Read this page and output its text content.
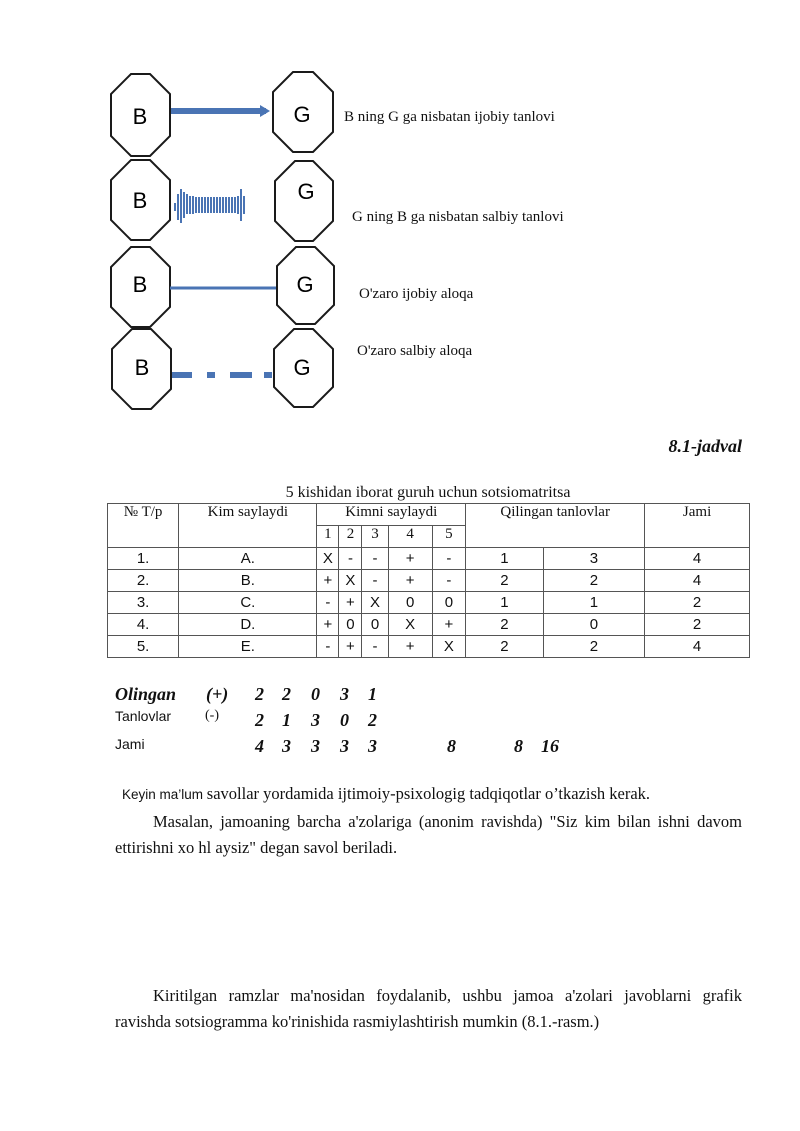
B	G
B	G
B	G
B	G
B ning G ga nisbatan ijobiy tanlovi
G ning B ga nisbatan salbiy tanlovi
O'zaro ijobiy aloqa
O'zaro salbiy aloqa
8.1-jadval
5 kishidan iborat guruh uchun sotsiomatritsa
№ T/p	Kim saylaydi	Kimni saylaydi					Qilingan tanlovlar		Jami
		1	2	3	4	5			
1.	A.	X	-	-	+	-	1	3	4
2.	B.	+	X	-	+	-	2	2	4
3.	C.	-	+	X	0	0	1	1	2
4.	D.	+	0	0	X	+	2	0	2
5.	E.	-	+	-	+	X	2	2	4
Olingan (+) 2 2 0 3 1
Tanlovlar (-) 2 1 3 0 2
Jami	4 3 3 3 3	8	8 16
Keyin ma’lum savollar yordamida ijtimoiy-psixologig tadqiqotlar o’tkazish kerak.
Masalan, jamoaning barcha a'zolariga (anonim ravishda) "Siz kim bilan ishni davom ettirishni xo hl aysiz" degan savol beriladi.
Kiritilgan ramzlar ma'nosidan foydalanib, ushbu jamoa a'zolari javoblarni grafik ravishda sotsiogramma ko'rinishida rasmiylashtirish mumkin (8.1.-rasm.)
